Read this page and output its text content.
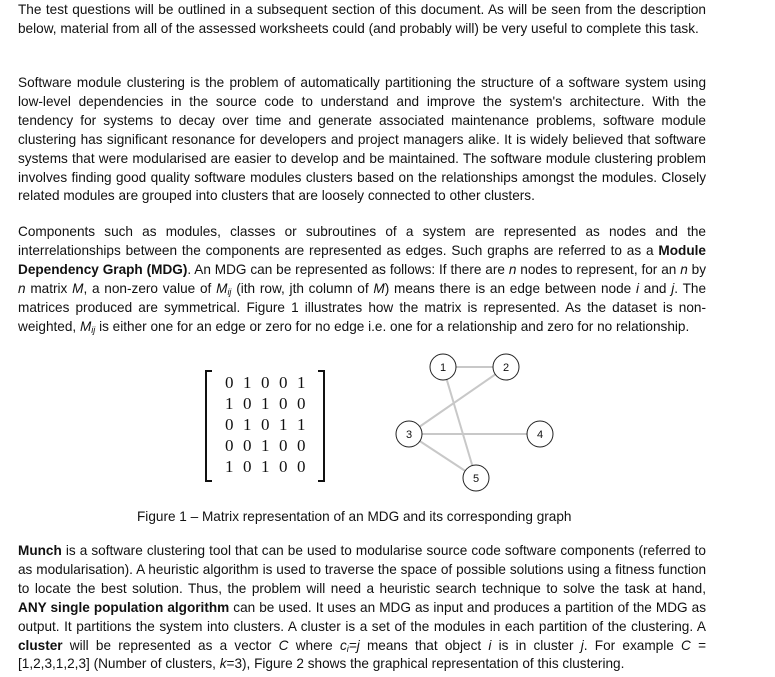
The test questions will be outlined in a subsequent section of this document. As will be seen from the description below, material from all of the assessed worksheets could (and probably will) be very useful to complete this task.

Software module clustering is the problem of automatically partitioning the structure of a software system using low-level dependencies in the source code to understand and improve the system's architecture. With the tendency for systems to decay over time and generate associated maintenance problems, software module clustering has significant resonance for developers and project managers alike. It is widely believed that software systems that were modularised are easier to develop and be maintained. The software module clustering problem involves finding good quality software modules clusters based on the relationships amongst the modules. Closely related modules are grouped into clusters that are loosely connected to other clusters.

Components such as modules, classes or subroutines of a system are represented as nodes and the interrelationships between the components are represented as edges. Such graphs are referred to as a Module Dependency Graph (MDG). An MDG can be represented as follows: If there are n nodes to represent, for an n by n matrix M, a non-zero value of $M_{ij}$ (ith row, jth column of M) means there is an edge between node i and j. The matrices produced are symmetrical. Figure 1 illustrates how the matrix is represented. As the dataset is non-weighted, $M_{ij}$ is either one for an edge or zero for no edge i.e. one for a relationship and zero for no relationship.

Munch is a software clustering tool that can be used to modularise source code software components (referred to as modularisation). A heuristic algorithm is used to traverse the space of possible solutions using a fitness function to locate the best solution. Thus, the problem will need a heuristic search technique to solve the task at hand, ANY single population algorithm can be used. It uses an MDG as input and produces a partition of the MDG as output. It partitions the system into clusters. A cluster is a set of the modules in each partition of the clustering. A cluster will be represented as a vector C where $c_i=j$ means that object i is in cluster j. For example C = [1,2,3,1,2,3] (Number of clusters, k=3), Figure 2 shows the graphical representation of this clustering.

0 1 0 0 1
1 0 1 0 0
0 1 0 1 1
0 0 1 0 0
1 0 1 0 0
1	2
3	4
5
Figure 1 – Matrix representation of an MDG and its corresponding graph
